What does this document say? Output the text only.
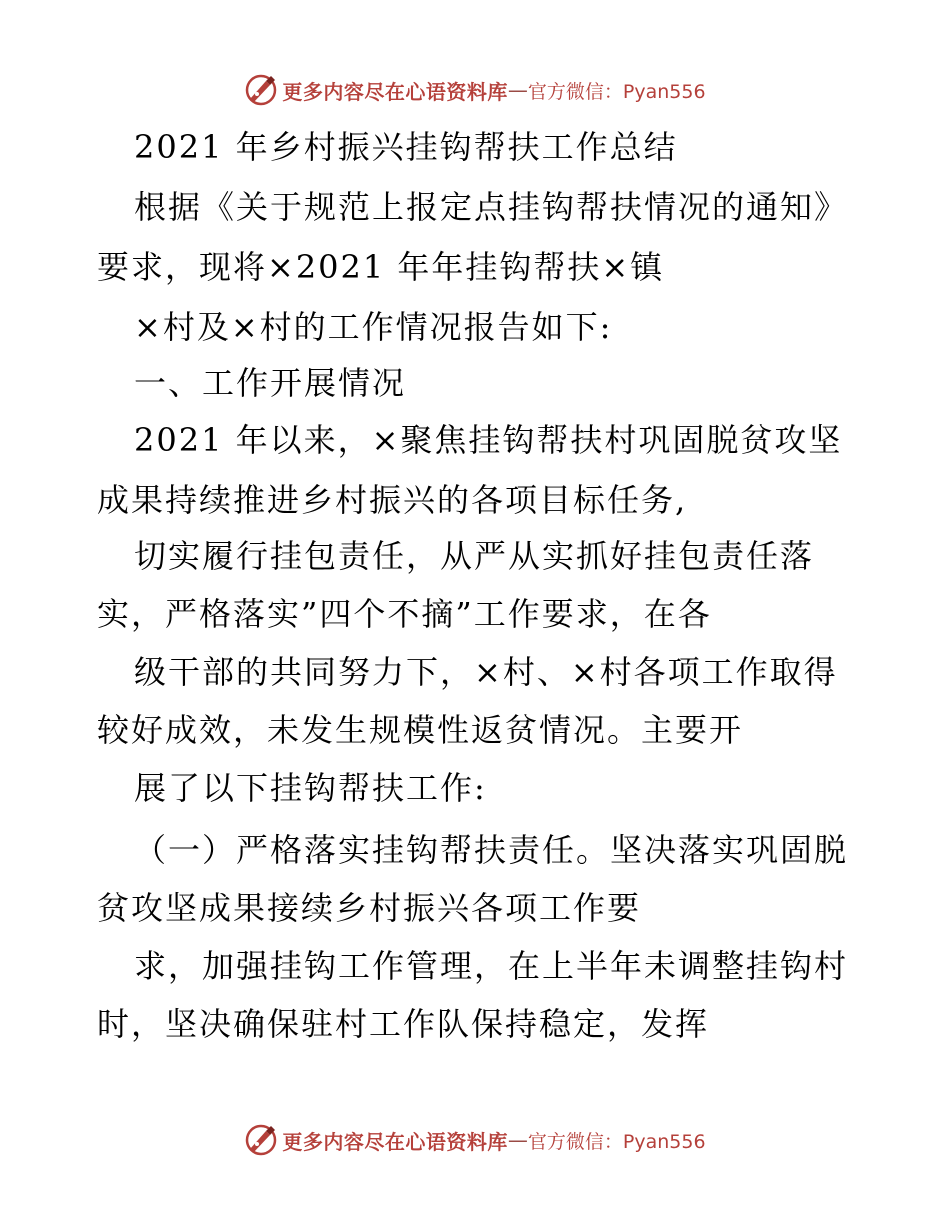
更多内容尽在心语资料库 — 官方微信：Pyan556
2021 年乡村振兴挂钩帮扶工作总结
根据《关于规范上报定点挂钩帮扶情况的通知》
要求，现将×2021 年年挂钩帮扶×镇
×村及×村的工作情况报告如下:
一、工作开展情况
2021 年以来，×聚焦挂钩帮扶村巩固脱贫攻坚
成果持续推进乡村振兴的各项目标任务,
切实履行挂包责任，从严从实抓好挂包责任落
实，严格落实”四个不摘”工作要求，在各
级干部的共同努力下，×村、×村各项工作取得
较好成效，未发生规模性返贫情况。主要开
展了以下挂钩帮扶工作:
（一）严格落实挂钩帮扶责任。坚决落实巩固脱
贫攻坚成果接续乡村振兴各项工作要
求，加强挂钩工作管理，在上半年未调整挂钩村
时，坚决确保驻村工作队保持稳定，发挥
更多内容尽在心语资料库 — 官方微信：Pyan556
